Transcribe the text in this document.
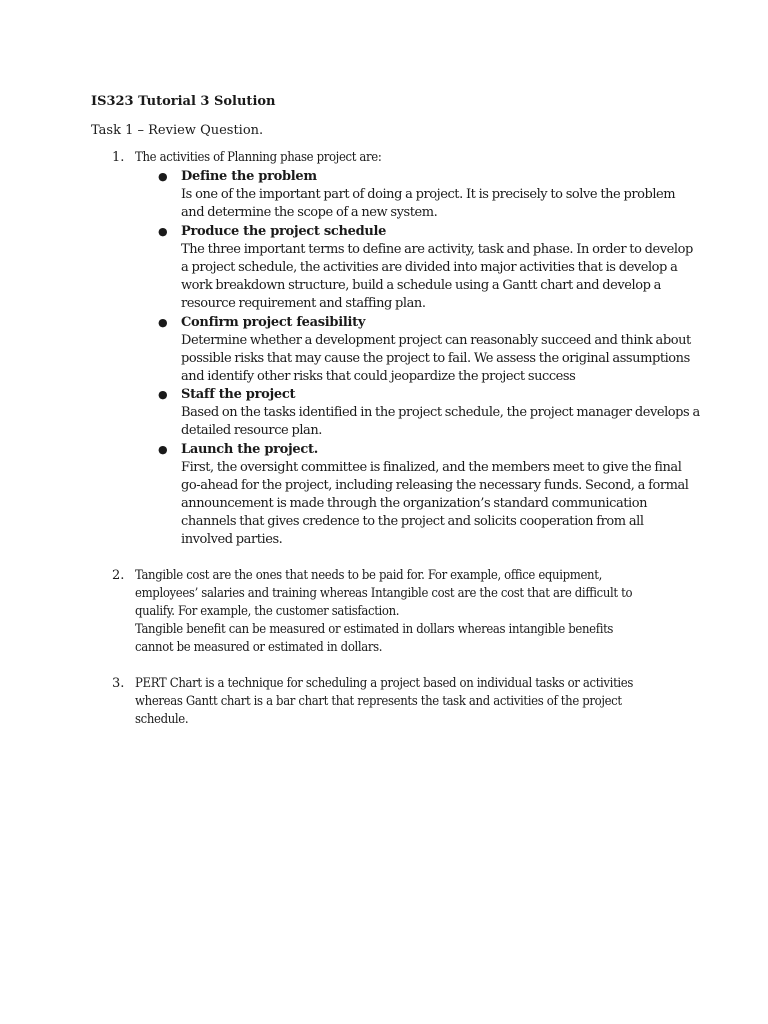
IS323 Tutorial 3 Solution

Task 1 – Review Question.

1. The activities of Planning phase project are:

● Define the problem

Is one of the important part of doing a project. It is precisely to solve the problem
and determine the scope of a new system.

● Produce the project schedule

The three important terms to define are activity, task and phase. In order to develop
a project schedule, the activities are divided into major activities that is develop a
work breakdown structure, build a schedule using a Gantt chart and develop a
resource requirement and staffing plan.

● Confirm project feasibility

Determine whether a development project can reasonably succeed and think about
possible risks that may cause the project to fail. We assess the original assumptions
and identify other risks that could jeopardize the project success

● Staff the project

Based on the tasks identified in the project schedule, the project manager develops a
detailed resource plan.

● Launch the project.

First, the oversight committee is finalized, and the members meet to give the final
go-ahead for the project, including releasing the necessary funds. Second, a formal
announcement is made through the organization’s standard communication
channels that gives credence to the project and solicits cooperation from all
involved parties.

2. Tangible cost are the ones that needs to be paid for. For example, office equipment,
employees’ salaries and training whereas Intangible cost are the cost that are difficult to
qualify. For example, the customer satisfaction.
Tangible benefit can be measured or estimated in dollars whereas intangible benefits
cannot be measured or estimated in dollars.

3. PERT Chart is a technique for scheduling a project based on individual tasks or activities
whereas Gantt chart is a bar chart that represents the task and activities of the project
schedule.
